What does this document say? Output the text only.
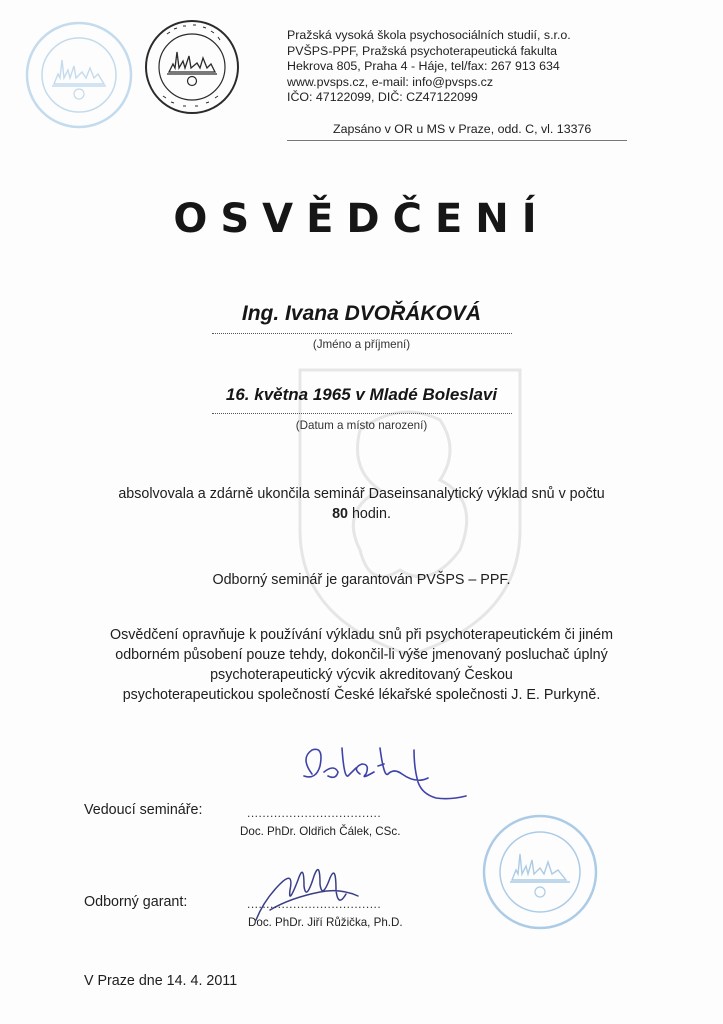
Pražská vysoká škola psychosociálních studií, s.r.o.
PVŠPS-PPF, Pražská psychoterapeutická fakulta
Hekrova 805, Praha 4 - Háje, tel/fax: 267 913 634
www.pvsps.cz, e-mail: info@pvsps.cz
IČO: 47122099, DIČ: CZ47122099
Zapsáno v OR u MS v Praze, odd. C, vl. 13376
OSVĚDČENÍ
Ing. Ivana DVOŘÁKOVÁ
(Jméno a příjmení)
16. května 1965 v Mladé Boleslavi
(Datum a místo narození)
absolvovala a zdárně ukončila seminář Daseinsanalytický výklad snů v počtu
80 hodin.
Odborný seminář je garantován PVŠPS – PPF.
Osvědčení opravňuje k používání výkladu snů při psychoterapeutickém či jiném
odborném působení pouze tehdy, dokončil-li výše jmenovaný posluchač úplný
psychoterapeutický výcvik akreditovaný Českou
psychoterapeutickou společností České lékařské společnosti J. E. Purkyně.
Vedoucí semináře:	...................................
Doc. PhDr. Oldřich Čálek, CSc.
Odborný garant:	...................................
Doc. PhDr. Jiří Růžička, Ph.D.
V Praze dne 14. 4. 2011
